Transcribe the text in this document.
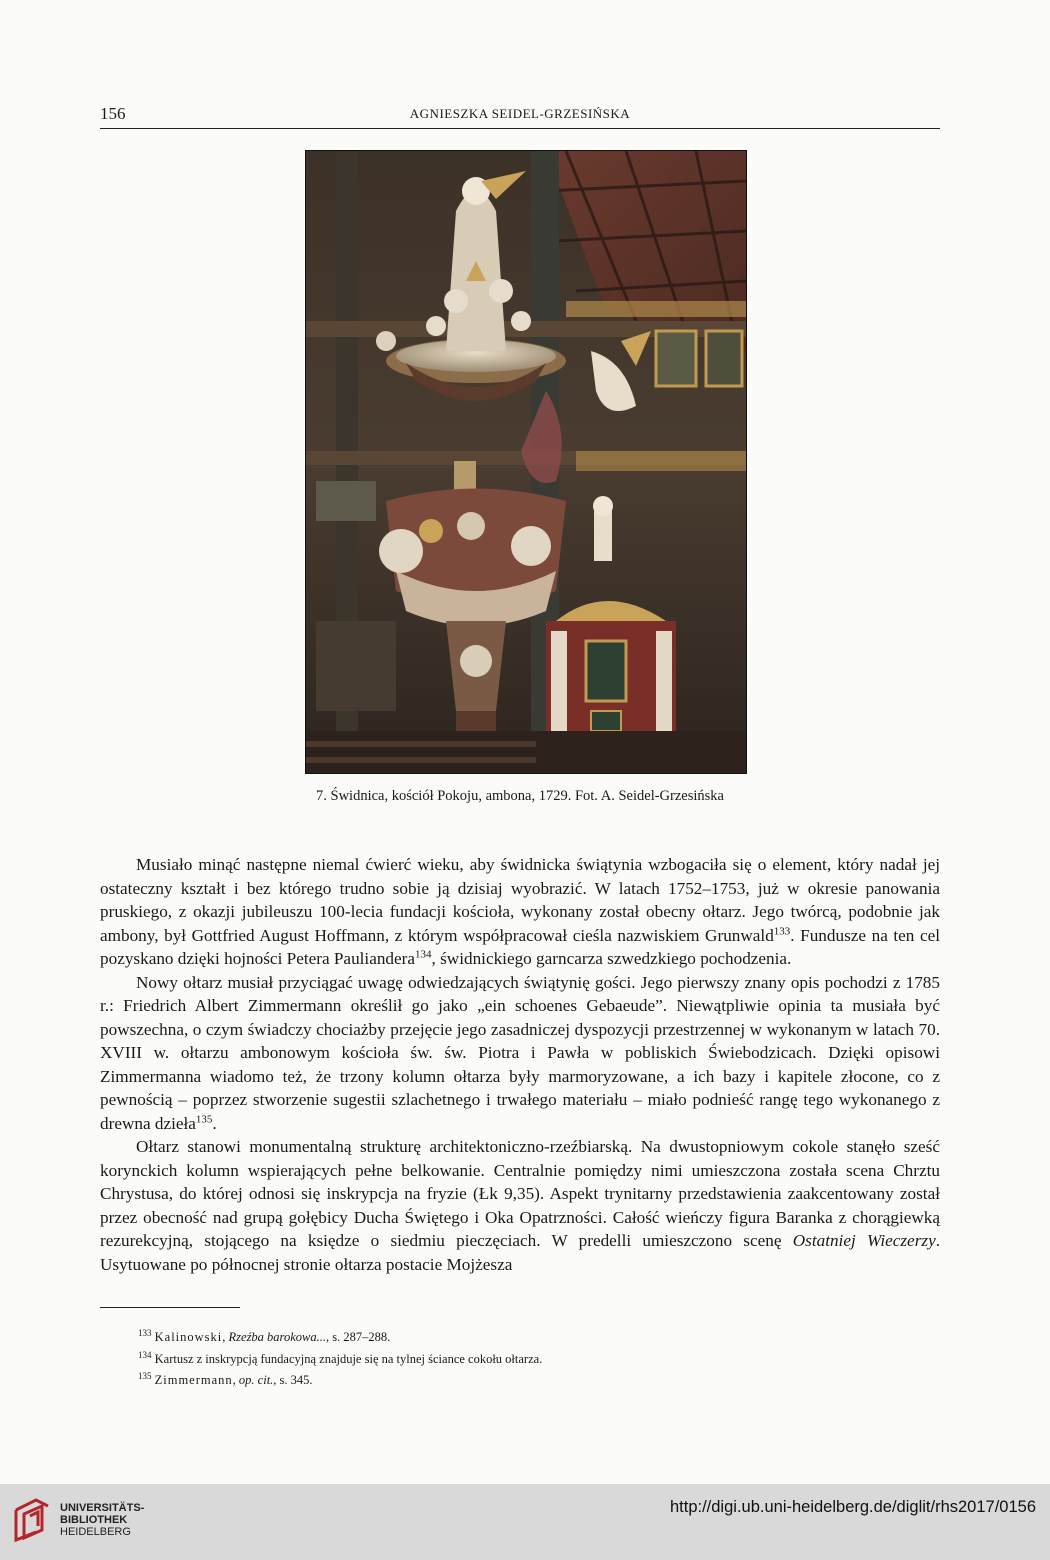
156	AGNIESZKA SEIDEL-GRZESIŃSKA
7. Świdnica, kościół Pokoju, ambona, 1729. Fot. A. Seidel-Grzesińska

Musiało minąć następne niemal ćwierć wieku, aby świdnicka świątynia wzbogaciła się o element, który nadał jej ostateczny kształt i bez którego trudno sobie ją dzisiaj wyobrazić. W latach 1752–1753, już w okresie panowania pruskiego, z okazji jubileuszu 100-lecia fundacji kościoła, wykonany został obecny ołtarz. Jego twórcą, podobnie jak ambony, był Gottfried August Hoffmann, z którym współpracował cieśla nazwiskiem Grunwald$^{133}$. Fundusze na ten cel pozyskano dzięki hojności Petera Pauliandera$^{134}$, świdnickiego garncarza szwedzkiego pochodzenia.

Nowy ołtarz musiał przyciągać uwagę odwiedzających świątynię gości. Jego pierwszy znany opis pochodzi z 1785 r.: Friedrich Albert Zimmermann określił go jako „ein schoenes Gebaeude”. Niewątpliwie opinia ta musiała być powszechna, o czym świadczy chociażby przejęcie jego zasadniczej dyspozycji przestrzennej w wykonanym w latach 70. XVIII w. ołtarzu ambonowym kościoła św. św. Piotra i Pawła w pobliskich Świebodzicach. Dzięki opisowi Zimmermanna wiadomo też, że trzony kolumn ołtarza były marmoryzowane, a ich bazy i kapitele złocone, co z pewnością – poprzez stworzenie sugestii szlachetnego i trwałego materiału – miało podnieść rangę tego wykonanego z drewna dzieła$^{135}$.

Ołtarz stanowi monumentalną strukturę architektoniczno-rzeźbiarską. Na dwustopniowym cokole stanęło sześć korynckich kolumn wspierających pełne belkowanie. Centralnie pomiędzy nimi umieszczona została scena Chrztu Chrystusa, do której odnosi się inskrypcja na fryzie (Łk 9,35). Aspekt trynitarny przedstawienia zaakcentowany został przez obecność nad grupą gołębicy Ducha Świętego i Oka Opatrzności. Całość wieńczy figura Baranka z chorągiewką rezurekcyjną, stojącego na księdze o siedmiu pieczęciach. W predelli umieszczono scenę Ostatniej Wieczerzy. Usytuowane po północnej stronie ołtarza postacie Mojżesza

$^{133}$ Kalinowski, Rzeźba barokowa..., s. 287–288.
$^{134}$ Kartusz z inskrypcją fundacyjną znajduje się na tylnej ściance cokołu ołtarza.
$^{135}$ Zimmermann, op. cit., s. 345.
UNIVERSITÄTS-
BIBLIOTHEK
HEIDELBERG
http://digi.ub.uni-heidelberg.de/diglit/rhs2017/0156
